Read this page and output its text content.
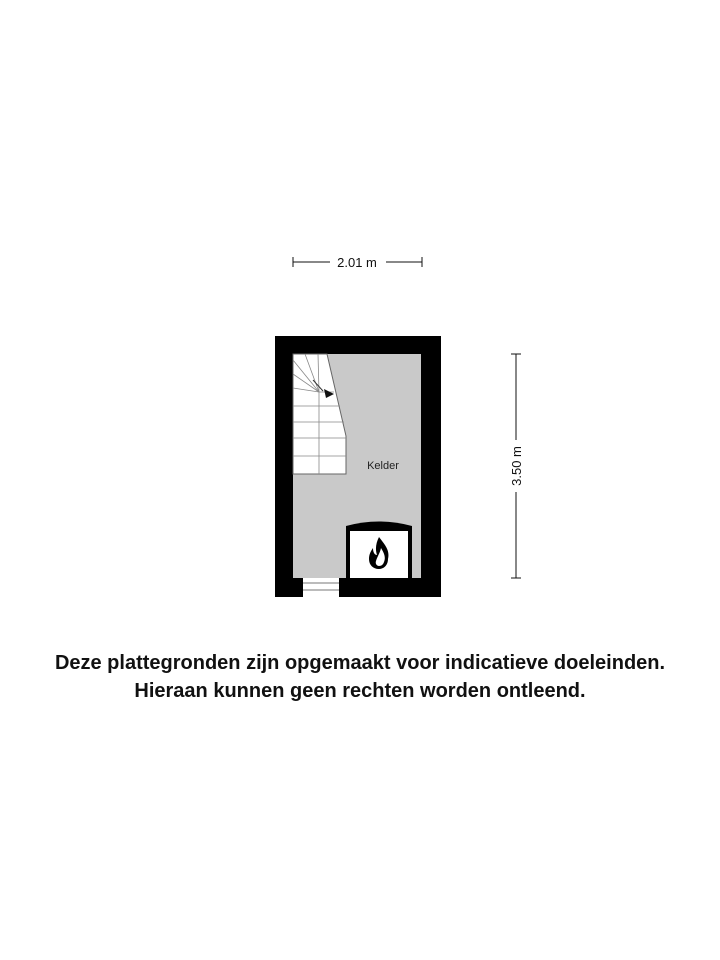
2.01 m
3.50 m
Kelder
Deze plattegronden zijn opgemaakt voor indicatieve doeleinden.
Hieraan kunnen geen rechten worden ontleend.
